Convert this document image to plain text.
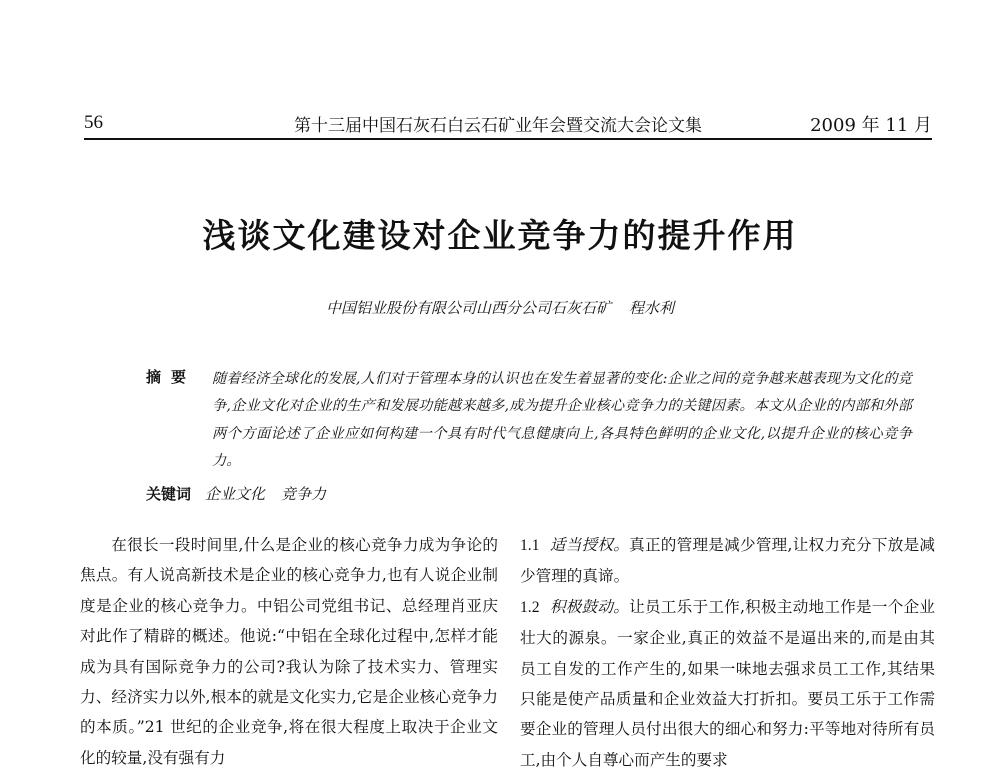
56	第十三届中国石灰石白云石矿业年会暨交流大会论文集	2009 年 11 月
浅谈文化建设对企业竞争力的提升作用
中国铝业股份有限公司山西分公司石灰石矿 程水利
摘要 随着经济全球化的发展,人们对于管理本身的认识也在发生着显著的变化:企业之间的竞争越来越表现为文化的竞争,企业文化对企业的生产和发展功能越来越多,成为提升企业核心竞争力的关键因素。本文从企业的内部和外部两个方面论述了企业应如何构建一个具有时代气息健康向上,各具特色鲜明的企业文化,以提升企业的核心竞争力。
关键词 企业文化 竞争力

在很长一段时间里,什么是企业的核心竞争力成为争论的焦点。有人说高新技术是企业的核心竞争力,也有人说企业制度是企业的核心竞争力。中铝公司党组书记、总经理肖亚庆对此作了精辟的概述。他说:“中铝在全球化过程中,怎样才能成为具有国际竞争力的公司?我认为除了技术实力、管理实力、经济实力以外,根本的就是文化实力,它是企业核心竞争力的本质。”21 世纪的企业竞争,将在很大程度上取决于企业文化的较量,没有强有力

1.1 适当授权。真正的管理是减少管理,让权力充分下放是减少管理的真谛。

1.2 积极鼓动。让员工乐于工作,积极主动地工作是一个企业壮大的源泉。一家企业,真正的效益不是逼出来的,而是由其员工自发的工作产生的,如果一味地去强求员工工作,其结果只能是使产品质量和企业效益大打折扣。要员工乐于工作需要企业的管理人员付出很大的细心和努力:平等地对待所有员工,由个人自尊心而产生的要求
